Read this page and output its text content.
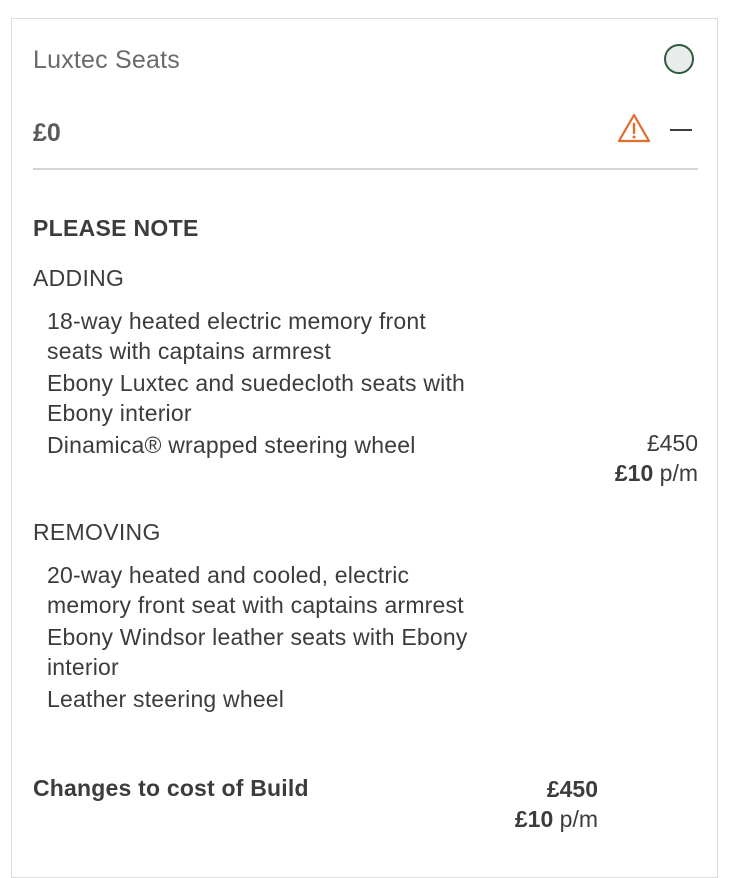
Luxtec Seats
£0
PLEASE NOTE
ADDING
18-way heated electric memory front seats with captains armrest
Ebony Luxtec and suedecloth seats with Ebony interior
Dinamica® wrapped steering wheel	£450
£10 p/m
REMOVING
20-way heated and cooled, electric memory front seat with captains armrest
Ebony Windsor leather seats with Ebony interior
Leather steering wheel
Changes to cost of Build	£450
£10 p/m
